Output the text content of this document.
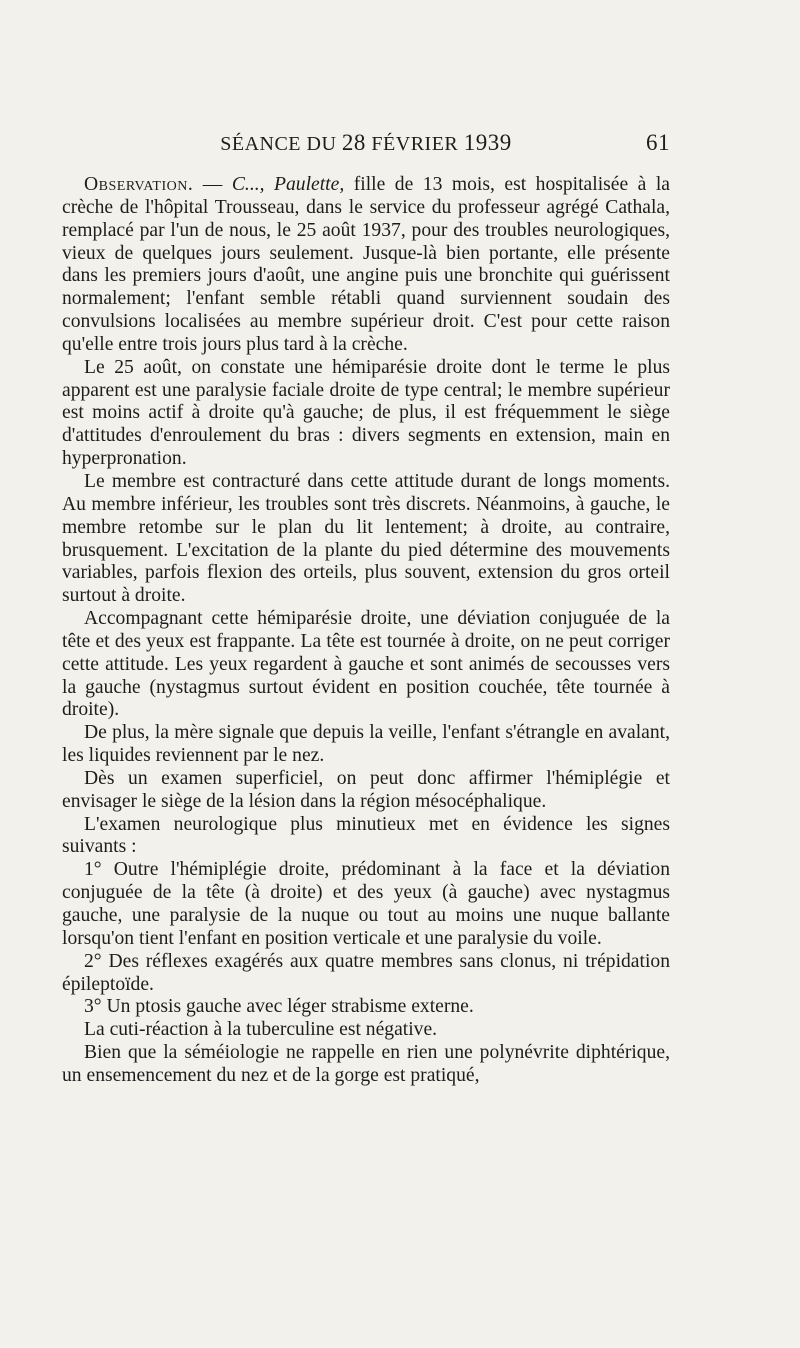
SÉANCE DU 28 FÉVRIER 1939	61

Observation. — C..., Paulette, fille de 13 mois, est hospitalisée à la crèche de l'hôpital Trousseau, dans le service du professeur agrégé Cathala, remplacé par l'un de nous, le 25 août 1937, pour des troubles neurologiques, vieux de quelques jours seulement. Jusque-là bien portante, elle présente dans les premiers jours d'août, une angine puis une bronchite qui guérissent normalement; l'enfant semble rétabli quand surviennent soudain des convulsions localisées au membre supérieur droit. C'est pour cette raison qu'elle entre trois jours plus tard à la crèche.

Le 25 août, on constate une hémiparésie droite dont le terme le plus apparent est une paralysie faciale droite de type central; le membre supérieur est moins actif à droite qu'à gauche; de plus, il est fréquemment le siège d'attitudes d'enroulement du bras : divers segments en extension, main en hyperpronation.

Le membre est contracturé dans cette attitude durant de longs moments. Au membre inférieur, les troubles sont très discrets. Néanmoins, à gauche, le membre retombe sur le plan du lit lentement; à droite, au contraire, brusquement. L'excitation de la plante du pied détermine des mouvements variables, parfois flexion des orteils, plus souvent, extension du gros orteil surtout à droite.

Accompagnant cette hémiparésie droite, une déviation conjuguée de la tête et des yeux est frappante. La tête est tournée à droite, on ne peut corriger cette attitude. Les yeux regardent à gauche et sont animés de secousses vers la gauche (nystagmus surtout évident en position couchée, tête tournée à droite).

De plus, la mère signale que depuis la veille, l'enfant s'étrangle en avalant, les liquides reviennent par le nez.

Dès un examen superficiel, on peut donc affirmer l'hémiplégie et envisager le siège de la lésion dans la région mésocéphalique.

L'examen neurologique plus minutieux met en évidence les signes suivants :

1° Outre l'hémiplégie droite, prédominant à la face et la déviation conjuguée de la tête (à droite) et des yeux (à gauche) avec nystagmus gauche, une paralysie de la nuque ou tout au moins une nuque ballante lorsqu'on tient l'enfant en position verticale et une paralysie du voile.

2° Des réflexes exagérés aux quatre membres sans clonus, ni trépidation épileptoïde.

3° Un ptosis gauche avec léger strabisme externe.

La cuti-réaction à la tuberculine est négative.

Bien que la séméiologie ne rappelle en rien une polynévrite diphtérique, un ensemencement du nez et de la gorge est pratiqué,
